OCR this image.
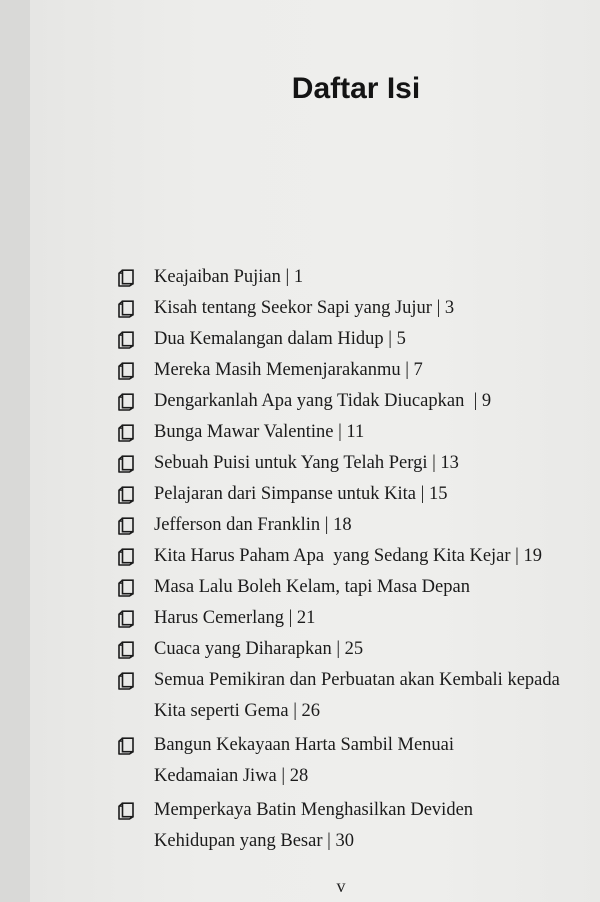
Daftar Isi
Keajaiban Pujian | 1
Kisah tentang Seekor Sapi yang Jujur | 3
Dua Kemalangan dalam Hidup | 5
Mereka Masih Memenjarakanmu | 7
Dengarkanlah Apa yang Tidak Diucapkan  | 9
Bunga Mawar Valentine | 11
Sebuah Puisi untuk Yang Telah Pergi | 13
Pelajaran dari Simpanse untuk Kita | 15
Jefferson dan Franklin | 18
Kita Harus Paham Apa  yang Sedang Kita Kejar | 19
Masa Lalu Boleh Kelam, tapi Masa Depan
Harus Cemerlang | 21
Cuaca yang Diharapkan | 25
Semua Pemikiran dan Perbuatan akan Kembali kepada
Kita seperti Gema | 26
Bangun Kekayaan Harta Sambil Menuai
Kedamaian Jiwa | 28
Memperkaya Batin Menghasilkan Deviden
Kehidupan yang Besar | 30
v
